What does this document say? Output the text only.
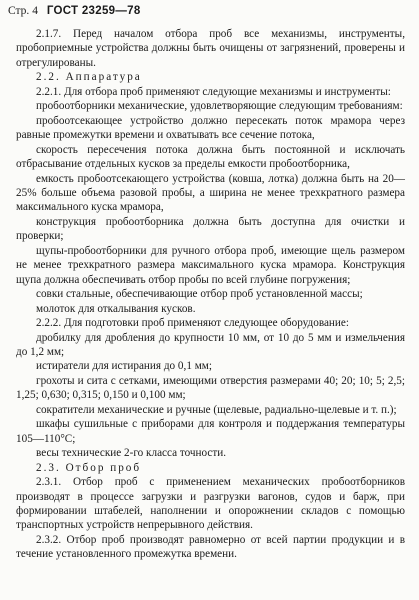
Стр. 4 ГОСТ 23259—78

2.1.7. Перед началом отбора проб все механизмы, инструменты, пробоприемные устройства должны быть очищены от загрязнений, проверены и отрегулированы.

2.2. Аппаратура

2.2.1. Для отбора проб применяют следующие механизмы и инструменты:

пробоотборники механические, удовлетворяющие следующим требованиям:

пробоотсекающее устройство должно пересекать поток мрамора через равные промежутки времени и охватывать все сечение потока,

скорость пересечения потока должна быть постоянной и исключать отбрасывание отдельных кусков за пределы емкости пробоотборника,

емкость пробоотсекающего устройства (ковша, лотка) должна быть на 20—25% больше объема разовой пробы, а ширина не менее трехкратного размера максимального куска мрамора,

конструкция пробоотборника должна быть доступна для очистки и проверки;

щупы-пробоотборники для ручного отбора проб, имеющие щель размером не менее трехкратного размера максимального куска мрамора. Конструкция щупа должна обеспечивать отбор пробы по всей глубине погружения;

совки стальные, обеспечивающие отбор проб установленной массы;

молоток для откалывания кусков.

2.2.2. Для подготовки проб применяют следующее оборудование:

дробилку для дробления до крупности 10 мм, от 10 до 5 мм и измельчения до 1,2 мм;

истиратели для истирания до 0,1 мм;

грохоты и сита с сетками, имеющими отверстия размерами 40; 20; 10; 5; 2,5; 1,25; 0,630; 0,315; 0,150 и 0,100 мм;

сократители механические и ручные (щелевые, радиально-щелевые и т. п.);

шкафы сушильные с приборами для контроля и поддержания температуры 105—110°С;

весы технические 2-го класса точности.

2.3. Отбор проб

2.3.1. Отбор проб с применением механических пробоотборников производят в процессе загрузки и разгрузки вагонов, судов и барж, при формировании штабелей, наполнении и опорожнении складов с помощью транспортных устройств непрерывного действия.

2.3.2. Отбор проб производят равномерно от всей партии продукции и в течение установленного промежутка времени.
